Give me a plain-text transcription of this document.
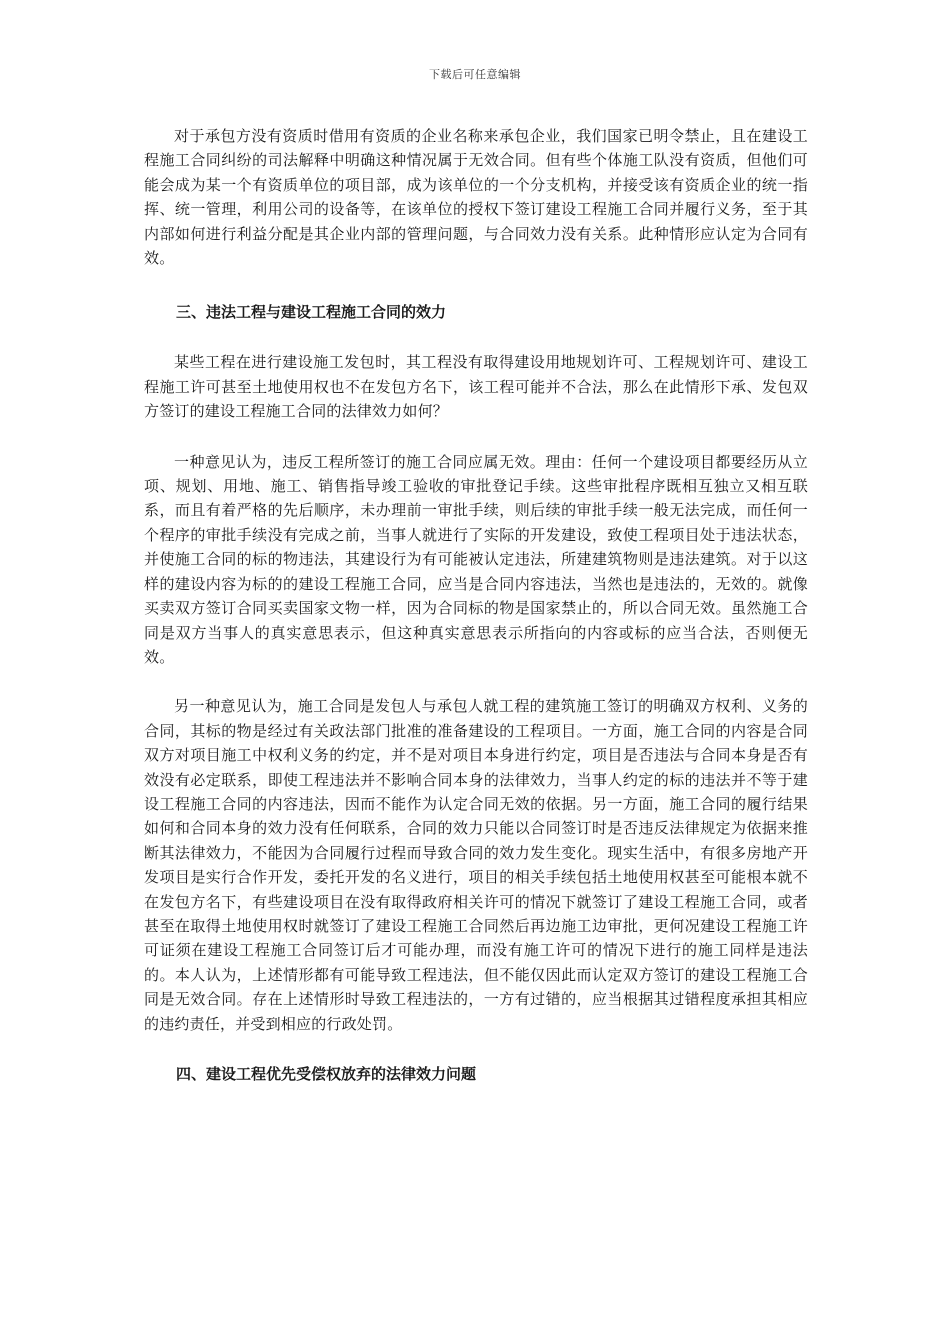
下载后可任意编辑

对于承包方没有资质时借用有资质的企业名称来承包企业，我们国家已明令禁止，且在建设工程施工合同纠纷的司法解释中明确这种情况属于无效合同。但有些个体施工队没有资质，但他们可能会成为某一个有资质单位的项目部，成为该单位的一个分支机构，并接受该有资质企业的统一指挥、统一管理，利用公司的设备等，在该单位的授权下签订建设工程施工合同并履行义务，至于其内部如何进行利益分配是其企业内部的管理问题，与合同效力没有关系。此种情形应认定为合同有效。

三、违法工程与建设工程施工合同的效力

某些工程在进行建设施工发包时，其工程没有取得建设用地规划许可、工程规划许可、建设工程施工许可甚至土地使用权也不在发包方名下，该工程可能并不合法，那么在此情形下承、发包双方签订的建设工程施工合同的法律效力如何？

一种意见认为，违反工程所签订的施工合同应属无效。理由：任何一个建设项目都要经历从立项、规划、用地、施工、销售指导竣工验收的审批登记手续。这些审批程序既相互独立又相互联系，而且有着严格的先后顺序，未办理前一审批手续，则后续的审批手续一般无法完成，而任何一个程序的审批手续没有完成之前，当事人就进行了实际的开发建设，致使工程项目处于违法状态，并使施工合同的标的物违法，其建设行为有可能被认定违法，所建建筑物则是违法建筑。对于以这样的建设内容为标的的建设工程施工合同，应当是合同内容违法，当然也是违法的，无效的。就像买卖双方签订合同买卖国家文物一样，因为合同标的物是国家禁止的，所以合同无效。虽然施工合同是双方当事人的真实意思表示，但这种真实意思表示所指向的内容或标的应当合法，否则便无效。

另一种意见认为，施工合同是发包人与承包人就工程的建筑施工签订的明确双方权利、义务的合同，其标的物是经过有关政法部门批准的准备建设的工程项目。一方面，施工合同的内容是合同双方对项目施工中权利义务的约定，并不是对项目本身进行约定，项目是否违法与合同本身是否有效没有必定联系，即使工程违法并不影响合同本身的法律效力，当事人约定的标的违法并不等于建设工程施工合同的内容违法，因而不能作为认定合同无效的依据。另一方面，施工合同的履行结果如何和合同本身的效力没有任何联系，合同的效力只能以合同签订时是否违反法律规定为依据来推断其法律效力，不能因为合同履行过程而导致合同的效力发生变化。现实生活中，有很多房地产开发项目是实行合作开发，委托开发的名义进行，项目的相关手续包括土地使用权甚至可能根本就不在发包方名下，有些建设项目在没有取得政府相关许可的情况下就签订了建设工程施工合同，或者甚至在取得土地使用权时就签订了建设工程施工合同然后再边施工边审批，更何况建设工程施工许可证须在建设工程施工合同签订后才可能办理，而没有施工许可的情况下进行的施工同样是违法的。本人认为，上述情形都有可能导致工程违法，但不能仅因此而认定双方签订的建设工程施工合同是无效合同。存在上述情形时导致工程违法的，一方有过错的，应当根据其过错程度承担其相应的违约责任，并受到相应的行政处罚。

四、建设工程优先受偿权放弃的法律效力问题
